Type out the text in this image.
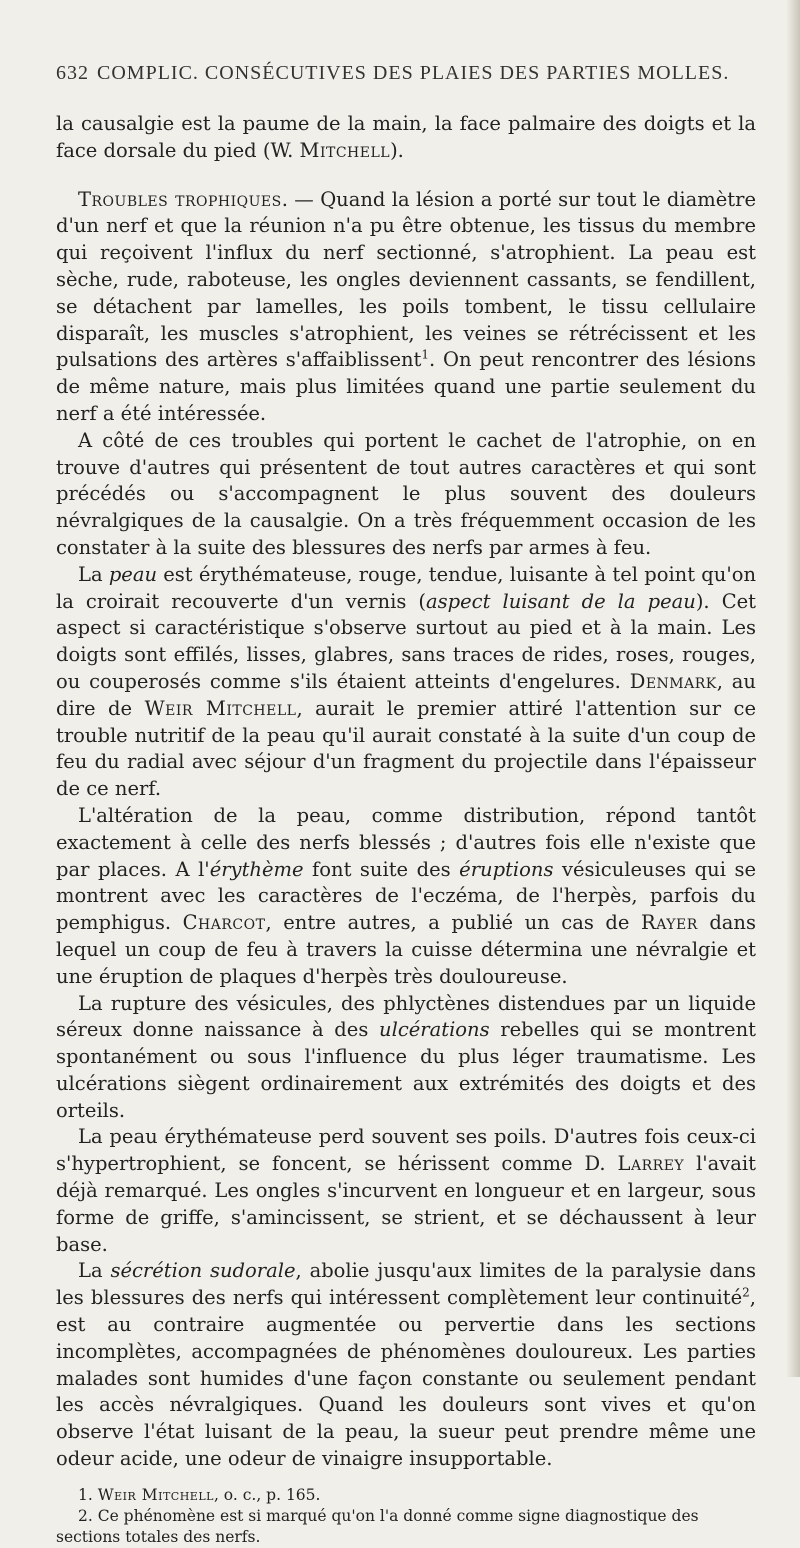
632 COMPLIC. CONSÉCUTIVES DES PLAIES DES PARTIES MOLLES.

la causalgie est la paume de la main, la face palmaire des doigts et la face dorsale du pied (W. Mitchell).

Troubles trophiques. — Quand la lésion a porté sur tout le diamètre d'un nerf et que la réunion n'a pu être obtenue, les tissus du membre qui reçoivent l'influx du nerf sectionné, s'atrophient. La peau est sèche, rude, raboteuse, les ongles deviennent cassants, se fendillent, se détachent par lamelles, les poils tombent, le tissu cellulaire disparaît, les muscles s'atrophient, les veines se rétrécissent et les pulsations des artères s'affaiblissent$^1$. On peut rencontrer des lésions de même nature, mais plus limitées quand une partie seulement du nerf a été intéressée.

A côté de ces troubles qui portent le cachet de l'atrophie, on en trouve d'autres qui présentent de tout autres caractères et qui sont précédés ou s'accompagnent le plus souvent des douleurs névralgiques de la causalgie. On a très fréquemment occasion de les constater à la suite des blessures des nerfs par armes à feu.

La peau est érythémateuse, rouge, tendue, luisante à tel point qu'on la croirait recouverte d'un vernis (aspect luisant de la peau). Cet aspect si caractéristique s'observe surtout au pied et à la main. Les doigts sont effilés, lisses, glabres, sans traces de rides, roses, rouges, ou couperosés comme s'ils étaient atteints d'engelures. Denmark, au dire de Weir Mitchell, aurait le premier attiré l'attention sur ce trouble nutritif de la peau qu'il aurait constaté à la suite d'un coup de feu du radial avec séjour d'un fragment du projectile dans l'épaisseur de ce nerf.

L'altération de la peau, comme distribution, répond tantôt exactement à celle des nerfs blessés ; d'autres fois elle n'existe que par places. A l'érythème font suite des éruptions vésiculeuses qui se montrent avec les caractères de l'eczéma, de l'herpès, parfois du pemphigus. Charcot, entre autres, a publié un cas de Rayer dans lequel un coup de feu à travers la cuisse détermina une névralgie et une éruption de plaques d'herpès très douloureuse.

La rupture des vésicules, des phlyctènes distendues par un liquide séreux donne naissance à des ulcérations rebelles qui se montrent spontanément ou sous l'influence du plus léger traumatisme. Les ulcérations siègent ordinairement aux extrémités des doigts et des orteils.

La peau érythémateuse perd souvent ses poils. D'autres fois ceux-ci s'hypertrophient, se foncent, se hérissent comme D. Larrey l'avait déjà remarqué. Les ongles s'incurvent en longueur et en largeur, sous forme de griffe, s'amincissent, se strient, et se déchaussent à leur base.

La sécrétion sudorale, abolie jusqu'aux limites de la paralysie dans les blessures des nerfs qui intéressent complètement leur continuité$^2$, est au contraire augmentée ou pervertie dans les sections incomplètes, accompagnées de phénomènes douloureux. Les parties malades sont humides d'une façon constante ou seulement pendant les accès névralgiques. Quand les douleurs sont vives et qu'on observe l'état luisant de la peau, la sueur peut prendre même une odeur acide, une odeur de vinaigre insupportable.

1. Weir Mitchell, o. c., p. 165.

2. Ce phénomène est si marqué qu'on l'a donné comme signe diagnostique des sections totales des nerfs.
